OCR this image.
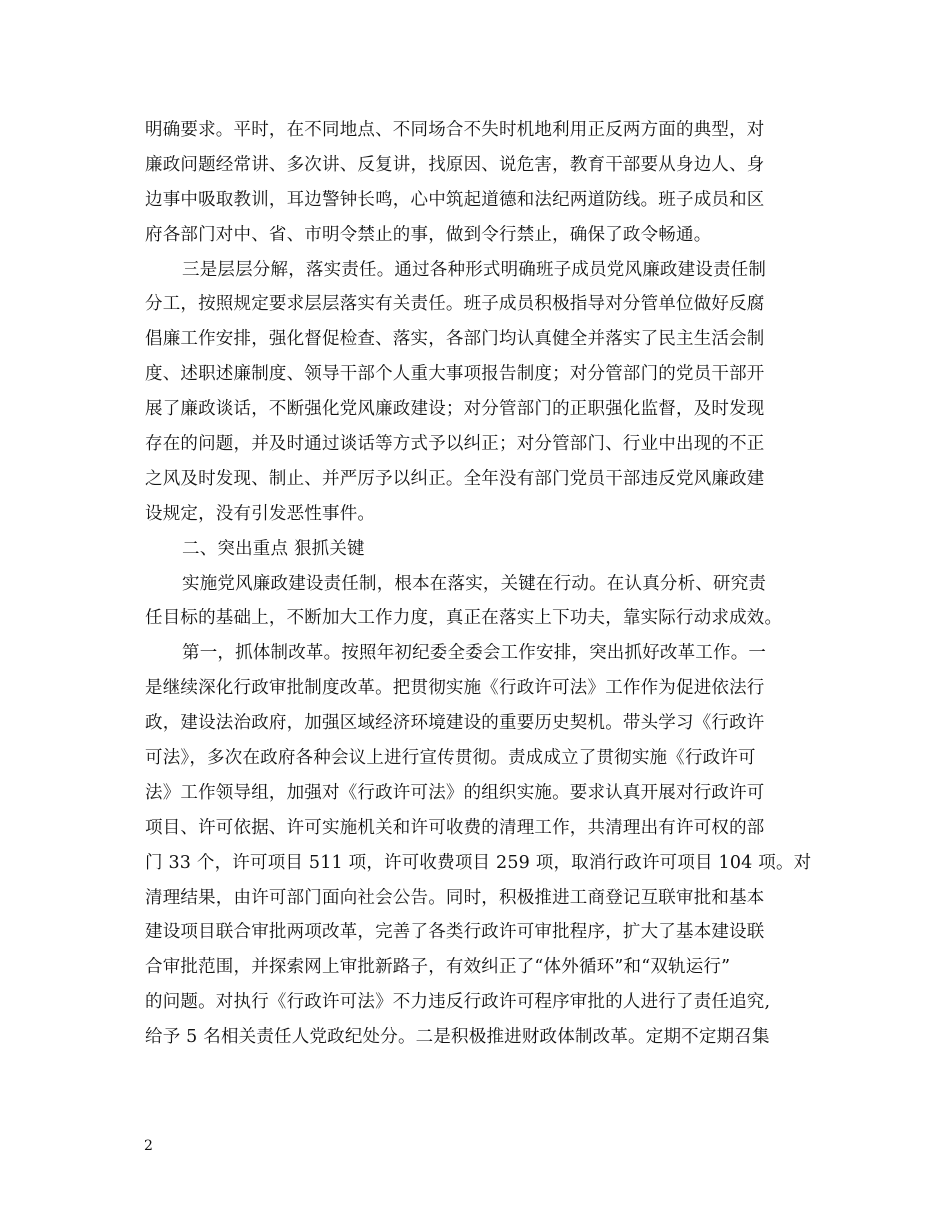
明确要求。平时，在不同地点、不同场合不失时机地利用正反两方面的典型，对
廉政问题经常讲、多次讲、反复讲，找原因、说危害，教育干部要从身边人、身
边事中吸取教训，耳边警钟长鸣，心中筑起道德和法纪两道防线。班子成员和区
府各部门对中、省、市明令禁止的事，做到令行禁止，确保了政令畅通。
三是层层分解，落实责任。通过各种形式明确班子成员党风廉政建设责任制
分工，按照规定要求层层落实有关责任。班子成员积极指导对分管单位做好反腐
倡廉工作安排，强化督促检查、落实，各部门均认真健全并落实了民主生活会制
度、述职述廉制度、领导干部个人重大事项报告制度；对分管部门的党员干部开
展了廉政谈话，不断强化党风廉政建设；对分管部门的正职强化监督，及时发现
存在的问题，并及时通过谈话等方式予以纠正；对分管部门、行业中出现的不正
之风及时发现、制止、并严厉予以纠正。全年没有部门党员干部违反党风廉政建
设规定，没有引发恶性事件。
二、突出重点 狠抓关键
实施党风廉政建设责任制，根本在落实，关键在行动。在认真分析、研究责
任目标的基础上，不断加大工作力度，真正在落实上下功夫，靠实际行动求成效。
第一，抓体制改革。按照年初纪委全委会工作安排，突出抓好改革工作。一
是继续深化行政审批制度改革。把贯彻实施《行政许可法》工作作为促进依法行
政，建设法治政府，加强区域经济环境建设的重要历史契机。带头学习《行政许
可法》，多次在政府各种会议上进行宣传贯彻。责成成立了贯彻实施《行政许可
法》工作领导组，加强对《行政许可法》的组织实施。要求认真开展对行政许可
项目、许可依据、许可实施机关和许可收费的清理工作，共清理出有许可权的部
门 33 个，许可项目 511 项，许可收费项目 259 项，取消行政许可项目 104 项。对
清理结果，由许可部门面向社会公告。同时，积极推进工商登记互联审批和基本
建设项目联合审批两项改革，完善了各类行政许可审批程序，扩大了基本建设联
合审批范围，并探索网上审批新路子，有效纠正了“体外循环”和“双轨运行”
的问题。对执行《行政许可法》不力违反行政许可程序审批的人进行了责任追究,
给予 5 名相关责任人党政纪处分。二是积极推进财政体制改革。定期不定期召集
2
